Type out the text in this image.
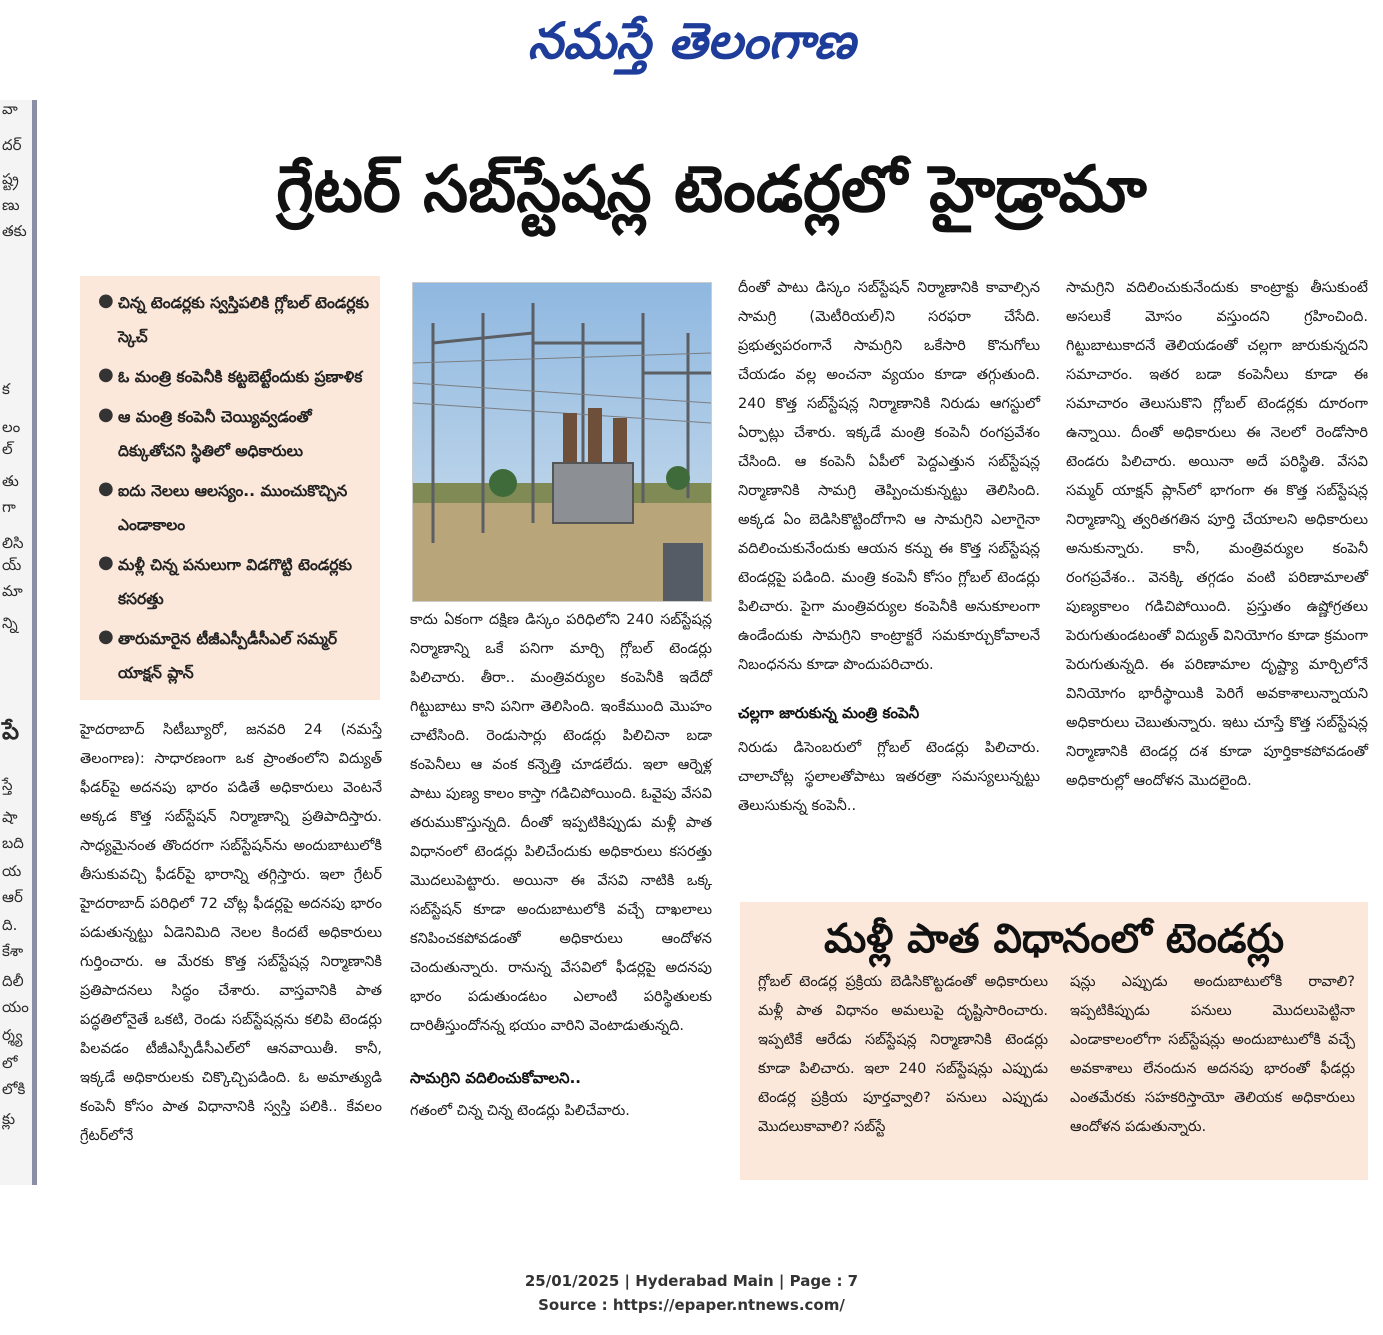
నమస్తే తెలంగాణ
వా
దర్
ష్ట్ర
ణు
తకు
క
లం
ల్
తు
గా
లిసి
య్
మా
న్ని
పే
స్తే
షా
బది
య
ఆర్
ది.
కేశా
దిలీ
యం
ర్శ్య
లో
లోకి
క్లు
గ్రేటర్ సబ్‌స్టేషన్ల టెండర్లలో హైడ్రామా
● చిన్న టెండర్లకు స్వస్తిపలికి గ్లోబల్ టెండర్లకు స్కెచ్
● ఓ మంత్రి కంపెనీకి కట్టబెట్టేందుకు ప్రణాళిక
● ఆ మంత్రి కంపెనీ చెయ్యివ్వడంతో దిక్కుతోచని స్థితిలో అధికారులు
● ఐదు నెలలు ఆలస్యం.. ముంచుకొచ్చిన ఎండాకాలం
● మళ్లీ చిన్న పనులుగా విడగొట్టి టెండర్లకు కసరత్తు
● తారుమారైన టీజీఎస్పీడీసీఎల్ సమ్మర్ యాక్షన్ ప్లాన్

హైదరాబాద్ సిటీబ్యూరో, జనవరి 24 (నమస్తే తెలంగాణ): సాధారణంగా ఒక ప్రాంతంలోని విద్యుత్ ఫీడర్‌పై అదనపు భారం పడితే అధికారులు వెంటనే అక్కడ కొత్త సబ్‌స్టేషన్ నిర్మాణాన్ని ప్రతిపాదిస్తారు. సాధ్యమైనంత తొందరగా సబ్‌స్టేషన్‌ను అందుబాటులోకి తీసుకువచ్చి ఫీడర్‌పై భారాన్ని తగ్గిస్తారు. ఇలా గ్రేటర్ హైదరాబాద్ పరిధిలో 72 చోట్ల ఫీడర్లపై అదనపు భారం పడుతున్నట్టు ఏడెనిమిది నెలల కిందటే అధికారులు గుర్తించారు. ఆ మేరకు కొత్త సబ్‌స్టేషన్ల నిర్మాణానికి ప్రతిపాదనలు సిద్ధం చేశారు. వాస్తవానికి పాత పద్ధతిలోనైతే ఒకటి, రెండు సబ్‌స్టేషన్లను కలిపి టెండర్లు పిలవడం టీజీఎస్పీడీసీఎల్‌లో ఆనవాయితీ. కానీ, ఇక్కడే అధికారులకు చిక్కొచ్చిపడింది. ఓ అమాత్యుడి కంపెనీ కోసం పాత విధానానికి స్వస్తి పలికి.. కేవలం గ్రేటర్‌లోనే

కాదు ఏకంగా దక్షిణ డిస్కం పరిధిలోని 240 సబ్‌స్టేషన్ల నిర్మాణాన్ని ఒకే పనిగా మార్చి గ్లోబల్ టెండర్లు పిలిచారు. తీరా.. మంత్రివర్యుల కంపెనీకి ఇదేదో గిట్టుబాటు కాని పనిగా తెలిసింది. ఇంకేముంది మొహం చాటేసింది. రెండుసార్లు టెండర్లు పిలిచినా బడా కంపెనీలు ఆ వంక కన్నెత్తి చూడలేదు. ఇలా ఆర్నెళ్ల పాటు పుణ్య కాలం కాస్తా గడిచిపోయింది. ఓవైపు వేసవి తరుముకొస్తున్నది. దీంతో ఇప్పటికిప్పుడు మళ్లీ పాత విధానంలో టెండర్లు పిలిచేందుకు అధికారులు కసరత్తు మొదలుపెట్టారు. అయినా ఈ వేసవి నాటికి ఒక్క సబ్‌స్టేషన్ కూడా అందుబాటులోకి వచ్చే దాఖలాలు కనిపించకపోవడంతో అధికారులు ఆందోళన చెందుతున్నారు. రానున్న వేసవిలో ఫీడర్లపై అదనపు భారం పడుతుండటం ఎలాంటి పరిస్థితులకు దారితీస్తుందోనన్న భయం వారిని వెంటాడుతున్నది.

సామగ్రిని వదిలించుకోవాలని..

గతంలో చిన్న చిన్న టెండర్లు పిలిచేవారు.

దీంతో పాటు డిస్కం సబ్‌స్టేషన్ నిర్మాణానికి కావాల్సిన సామగ్రి (మెటీరియల్)ని సరఫరా చేసేది. ప్రభుత్వపరంగానే సామగ్రిని ఒకేసారి కొనుగోలు చేయడం వల్ల అంచనా వ్యయం కూడా తగ్గుతుంది. 240 కొత్త సబ్‌స్టేషన్ల నిర్మాణానికి నిరుడు ఆగస్టులో ఏర్పాట్లు చేశారు. ఇక్కడే మంత్రి కంపెనీ రంగప్రవేశం చేసింది. ఆ కంపెనీ ఏపీలో పెద్దఎత్తున సబ్‌స్టేషన్ల నిర్మాణానికి సామగ్రి తెప్పించుకున్నట్టు తెలిసింది. అక్కడ ఏం బెడిసికొట్టిందోగాని ఆ సామగ్రిని ఎలాగైనా వదిలించుకునేందుకు ఆయన కన్ను ఈ కొత్త సబ్‌స్టేషన్ల టెండర్లపై పడింది. మంత్రి కంపెనీ కోసం గ్లోబల్ టెండర్లు పిలిచారు. పైగా మంత్రివర్యుల కంపెనీకి అనుకూలంగా ఉండేందుకు సామగ్రిని కాంట్రాక్టరే సమకూర్చుకోవాలనే నిబంధనను కూడా పొందుపరిచారు.

చల్లగా జారుకున్న మంత్రి కంపెనీ

నిరుడు డిసెంబరులో గ్లోబల్ టెండర్లు పిలిచారు. చాలాచోట్ల స్థలాలతోపాటు ఇతరత్రా సమస్యలున్నట్టు తెలుసుకున్న కంపెనీ..

సామగ్రిని వదిలించుకునేందుకు కాంట్రాక్టు తీసుకుంటే అసలుకే మోసం వస్తుందని గ్రహించింది. గిట్టుబాటుకాదనే తెలియడంతో చల్లగా జారుకున్నదని సమాచారం. ఇతర బడా కంపెనీలు కూడా ఈ సమాచారం తెలుసుకొని గ్లోబల్ టెండర్లకు దూరంగా ఉన్నాయి. దీంతో అధికారులు ఈ నెలలో రెండోసారి టెండరు పిలిచారు. అయినా అదే పరిస్థితి. వేసవి సమ్మర్ యాక్షన్ ప్లాన్‌లో భాగంగా ఈ కొత్త సబ్‌స్టేషన్ల నిర్మాణాన్ని త్వరితగతిన పూర్తి చేయాలని అధికారులు అనుకున్నారు. కానీ, మంత్రివర్యుల కంపెనీ రంగప్రవేశం.. వెనక్కి తగ్గడం వంటి పరిణామాలతో పుణ్యకాలం గడిచిపోయింది. ప్రస్తుతం ఉష్ణోగ్రతలు పెరుగుతుండటంతో విద్యుత్ వినియోగం కూడా క్రమంగా పెరుగుతున్నది. ఈ పరిణామాల దృష్ట్యా మార్చిలోనే వినియోగం భారీస్థాయికి పెరిగే అవకాశాలున్నాయని అధికారులు చెబుతున్నారు. ఇటు చూస్తే కొత్త సబ్‌స్టేషన్ల నిర్మాణానికి టెండర్ల దశ కూడా పూర్తికాకపోవడంతో అధికారుల్లో ఆందోళన మొదలైంది.

మళ్లీ పాత విధానంలో టెండర్లు
గ్లోబల్ టెండర్ల ప్రక్రియ బెడిసికొట్టడంతో అధికారులు మళ్లీ పాత విధానం అమలుపై దృష్టిసారించారు. ఇప్పటికే ఆరేడు సబ్‌స్టేషన్ల నిర్మాణానికి టెండర్లు కూడా పిలిచారు. ఇలా 240 సబ్‌స్టేషన్లు ఎప్పుడు టెండర్ల ప్రక్రియ పూర్తవ్వాలి? పనులు ఎప్పుడు మొదలుకావాలి? సబ్‌స్టే
షన్లు ఎప్పుడు అందుబాటులోకి రావాలి? ఇప్పటికిప్పుడు పనులు మొదలుపెట్టినా ఎండాకాలంలోగా సబ్‌స్టేషన్లు అందుబాటులోకి వచ్చే అవకాశాలు లేనందున అదనపు భారంతో ఫీడర్లు ఎంతమేరకు సహకరిస్తాయో తెలియక అధికారులు ఆందోళన పడుతున్నారు.
25/01/2025 | Hyderabad Main | Page : 7
Source : https://epaper.ntnews.com/
